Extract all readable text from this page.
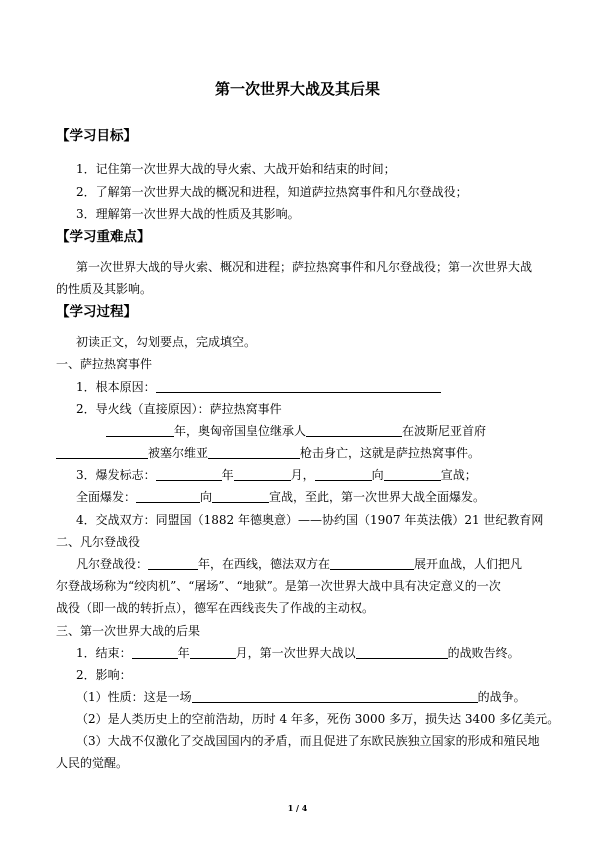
第一次世界大战及其后果
【学习目标】
1．记住第一次世界大战的导火索、大战开始和结束的时间；
2．了解第一次世界大战的概况和进程，知道萨拉热窝事件和凡尔登战役；
3．理解第一次世界大战的性质及其影响。
【学习重难点】
第一次世界大战的导火索、概况和进程；萨拉热窝事件和凡尔登战役；第一次世界大战
的性质及其影响。
【学习过程】
初读正文，勾划要点，完成填空。
一、萨拉热窝事件
1．根本原因：
2．导火线（直接原因）：萨拉热窝事件
年，奥匈帝国皇位继承人	在波斯尼亚首府
被塞尔维亚	枪击身亡，这就是萨拉热窝事件。
3．爆发标志：	年	月，	向	宣战；
全面爆发：	向	宣战，至此，第一次世界大战全面爆发。
4．交战双方：同盟国（1882 年德奥意）——协约国（1907 年英法俄）21 世纪教育网
二、凡尔登战役
凡尔登战役：	年，在西线，德法双方在	展开血战，人们把凡
尔登战场称为“绞肉机”、“屠场”、“地狱”。是第一次世界大战中具有决定意义的一次
战役（即一战的转折点），德军在西线丧失了作战的主动权。
三、第一次世界大战的后果
1．结束：	年	月，第一次世界大战以	的战败告终。
2．影响：
（1）性质：这是一场	的战争。
（2）是人类历史上的空前浩劫，历时 4 年多，死伤 3000 多万，损失达 3400 多亿美元。
（3）大战不仅激化了交战国国内的矛盾，而且促进了东欧民族独立国家的形成和殖民地
人民的觉醒。
1 / 4
